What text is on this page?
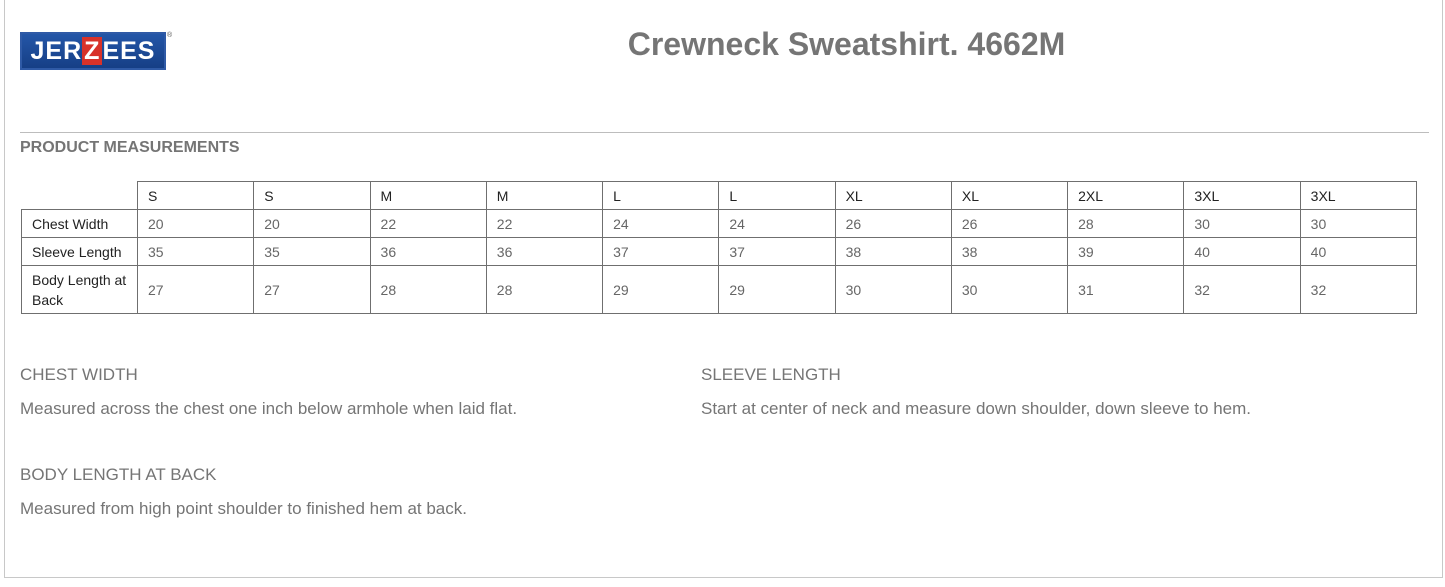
JERZEES
®	Crewneck Sweatshirt. 4662M
PRODUCT MEASUREMENTS
	S	S	M	M	L	L	XL	XL	2XL	3XL	3XL
Chest Width	20	20	22	22	24	24	26	26	28	30	30
Sleeve Length	35	35	36	36	37	37	38	38	39	40	40
Body Length at Back	27	27	28	28	29	29	30	30	31	32	32
CHEST WIDTH

Measured across the chest one inch below armhole when laid flat.

SLEEVE LENGTH

Start at center of neck and measure down shoulder, down sleeve to hem.

BODY LENGTH AT BACK

Measured from high point shoulder to finished hem at back.
